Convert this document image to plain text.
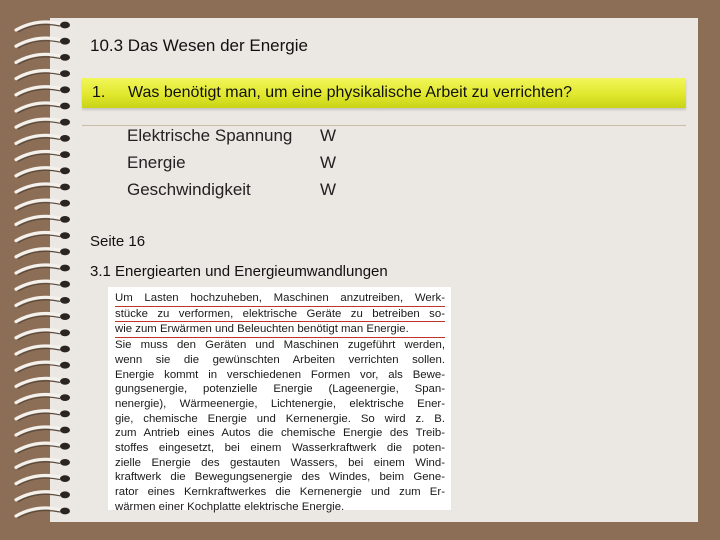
10.3 Das Wesen der Energie
1. Was benötigt man, um eine physikalische Arbeit zu verrichten?
Elektrische Spannung W
Energie	W
Geschwindigkeit	W
Seite 16
3.1 Energiearten und Energieumwandlungen
Um Lasten hochzuheben, Maschinen anzutreiben, Werk-
stücke zu verformen, elektrische Geräte zu betreiben so-
wie zum Erwärmen und Beleuchten benötigt man Energie.
Sie muss den Geräten und Maschinen zugeführt werden,
wenn sie die gewünschten Arbeiten verrichten sollen.
Energie kommt in verschiedenen Formen vor, als Bewe-
gungsenergie, potenzielle Energie (Lageenergie, Span-
nenergie), Wärmeenergie, Lichtenergie, elektrische Ener-
gie, chemische Energie und Kernenergie. So wird z. B.
zum Antrieb eines Autos die chemische Energie des Treib-
stoffes eingesetzt, bei einem Wasserkraftwerk die poten-
zielle Energie des gestauten Wassers, bei einem Wind-
kraftwerk die Bewegungsenergie des Windes, beim Gene-
rator eines Kernkraftwerkes die Kernenergie und zum Er-
wärmen einer Kochplatte elektrische Energie.
